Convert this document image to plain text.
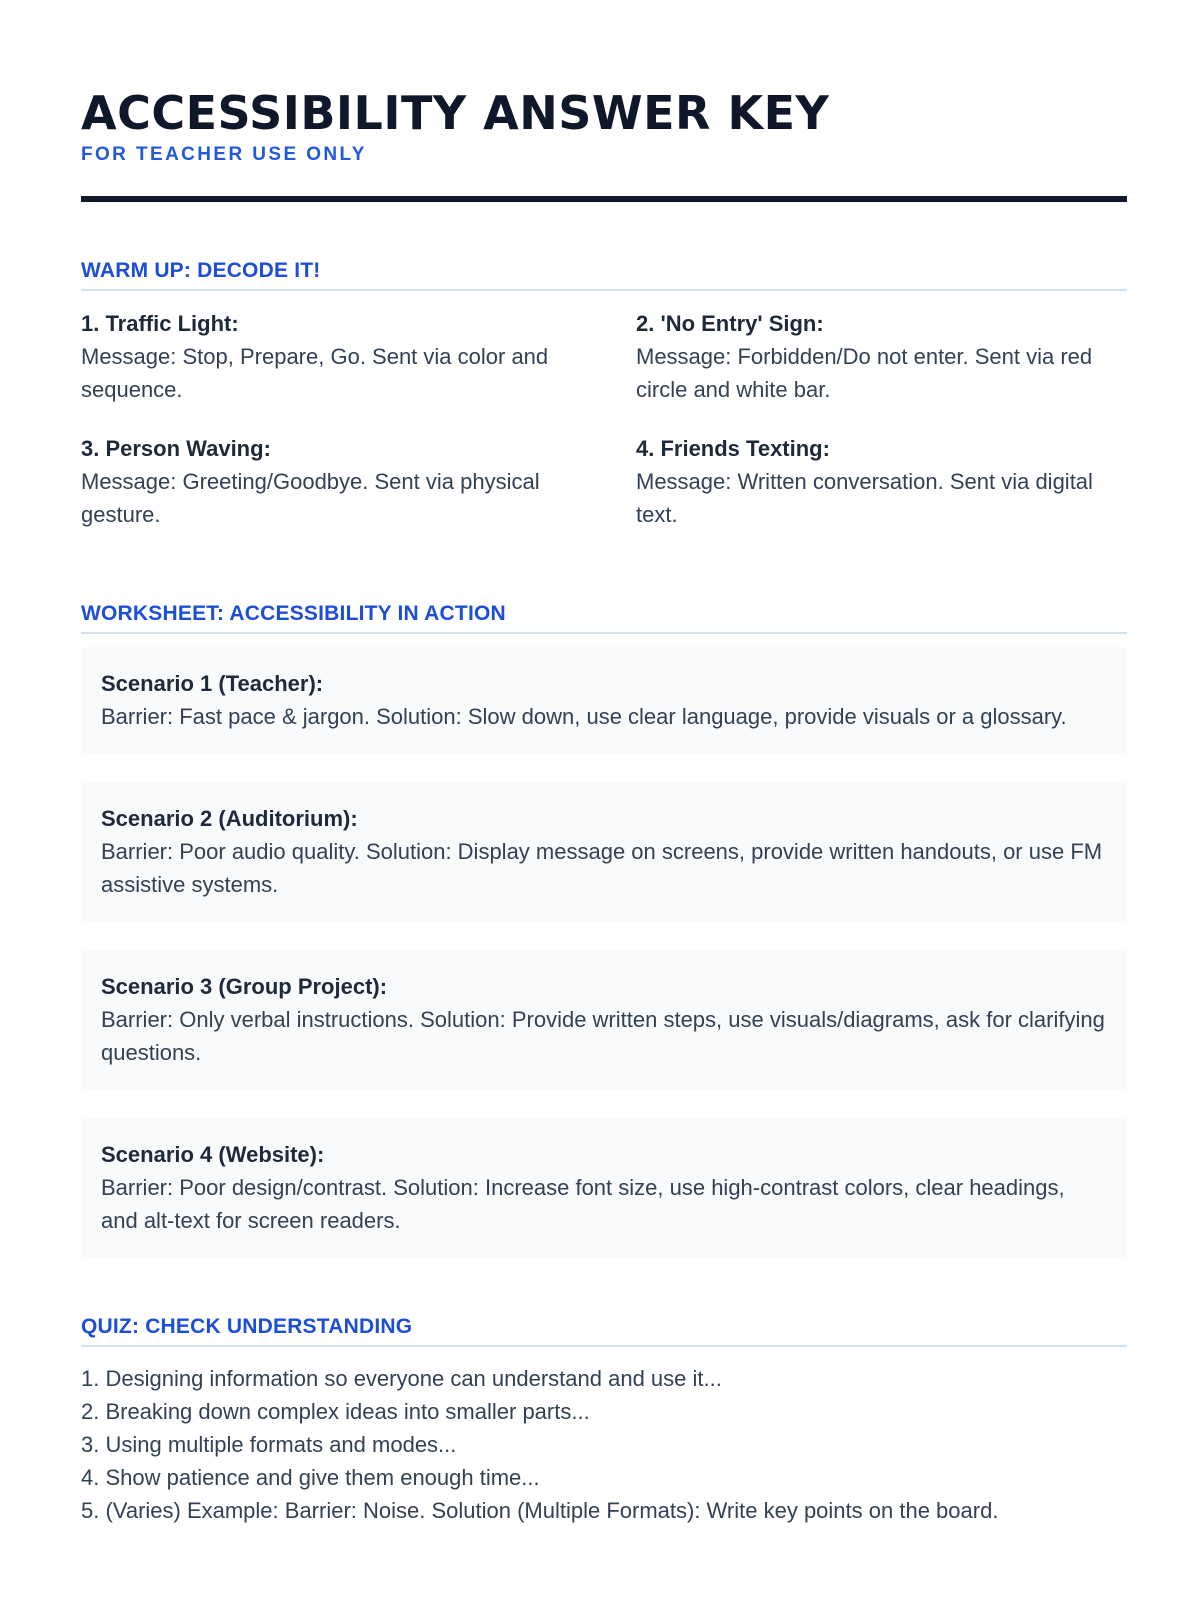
ACCESSIBILITY ANSWER KEY
FOR TEACHER USE ONLY
WARM UP: DECODE IT!
1. Traffic Light:
Message: Stop, Prepare, Go. Sent via color and sequence.
2. 'No Entry' Sign:
Message: Forbidden/Do not enter. Sent via red circle and white bar.
3. Person Waving:
Message: Greeting/Goodbye. Sent via physical gesture.
4. Friends Texting:
Message: Written conversation. Sent via digital text.
WORKSHEET: ACCESSIBILITY IN ACTION
Scenario 1 (Teacher):
Barrier: Fast pace & jargon. Solution: Slow down, use clear language, provide visuals or a glossary.
Scenario 2 (Auditorium):
Barrier: Poor audio quality. Solution: Display message on screens, provide written handouts, or use FM assistive systems.
Scenario 3 (Group Project):
Barrier: Only verbal instructions. Solution: Provide written steps, use visuals/diagrams, ask for clarifying questions.
Scenario 4 (Website):
Barrier: Poor design/contrast. Solution: Increase font size, use high-contrast colors, clear headings, and alt-text for screen readers.
QUIZ: CHECK UNDERSTANDING
1. Designing information so everyone can understand and use it...
2. Breaking down complex ideas into smaller parts...
3. Using multiple formats and modes...
4. Show patience and give them enough time...
5. (Varies) Example: Barrier: Noise. Solution (Multiple Formats): Write key points on the board.
